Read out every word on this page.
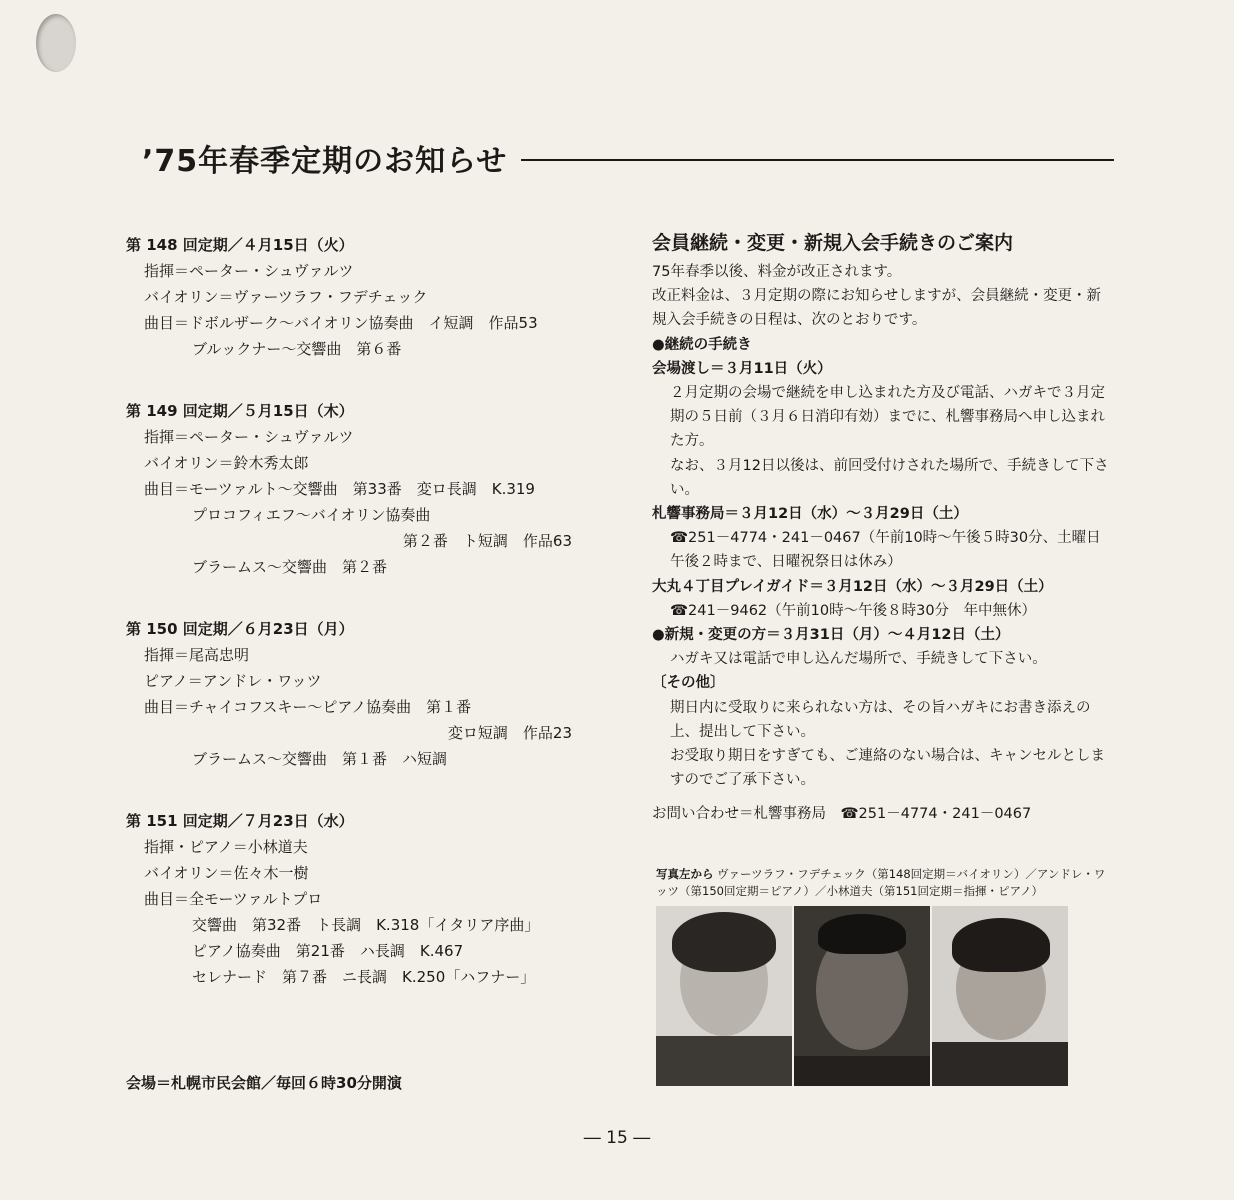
’75年春季定期のお知らせ
第 148 回定期／４月15日（火）
指揮＝ペーター・シュヴァルツ
バイオリン＝ヴァーツラフ・フデチェック
曲目＝ドボルザーク～バイオリン協奏曲　イ短調　作品53
ブルックナー～交響曲　第６番
第 149 回定期／５月15日（木）
指揮＝ペーター・シュヴァルツ
バイオリン＝鈴木秀太郎
曲目＝モーツァルト～交響曲　第33番　変ロ長調　K.319
プロコフィエフ～バイオリン協奏曲
第２番　ト短調　作品63
ブラームス～交響曲　第２番
第 150 回定期／６月23日（月）
指揮＝尾高忠明
ピアノ＝アンドレ・ワッツ
曲目＝チャイコフスキー～ピアノ協奏曲　第１番
変ロ短調　作品23
ブラームス～交響曲　第１番　ハ短調
第 151 回定期／７月23日（水）
指揮・ピアノ＝小林道夫
バイオリン＝佐々木一樹
曲目＝全モーツァルトプロ
交響曲　第32番　ト長調　K.318「イタリア序曲」
ピアノ協奏曲　第21番　ハ長調　K.467
セレナード　第７番　ニ長調　K.250「ハフナー」
会場＝札幌市民会館／毎回６時30分開演
会員継続・変更・新規入会手続きのご案内
75年春季以後、料金が改正されます。
改正料金は、３月定期の際にお知らせしますが、会員継続・変更・新規入会手続きの日程は、次のとおりです。
●継続の手続き
会場渡し＝３月11日（火）
２月定期の会場で継続を申し込まれた方及び電話、ハガキで３月定期の５日前（３月６日消印有効）までに、札響事務局へ申し込まれた方。
なお、３月12日以後は、前回受付けされた場所で、手続きして下さい。
札響事務局＝３月12日（水）～３月29日（土）
☎251－4774・241－0467（午前10時～午後５時30分、土曜日午後２時まで、日曜祝祭日は休み）
大丸４丁目プレイガイド＝３月12日（水）～３月29日（土）
☎241－9462（午前10時～午後８時30分　年中無休）
●新規・変更の方＝３月31日（月）～４月12日（土）
ハガキ又は電話で申し込んだ場所で、手続きして下さい。
〔その他〕
期日内に受取りに来られない方は、その旨ハガキにお書き添えの上、提出して下さい。
お受取り期日をすぎても、ご連絡のない場合は、キャンセルとしますのでご了承下さい。
お問い合わせ＝札響事務局　☎251－4774・241－0467
写真左から ヴァーツラフ・フデチェック（第148回定期＝バイオリン）／アンドレ・ワッツ（第150回定期＝ピアノ）／小林道夫（第151回定期＝指揮・ピアノ）
― 15 ―
